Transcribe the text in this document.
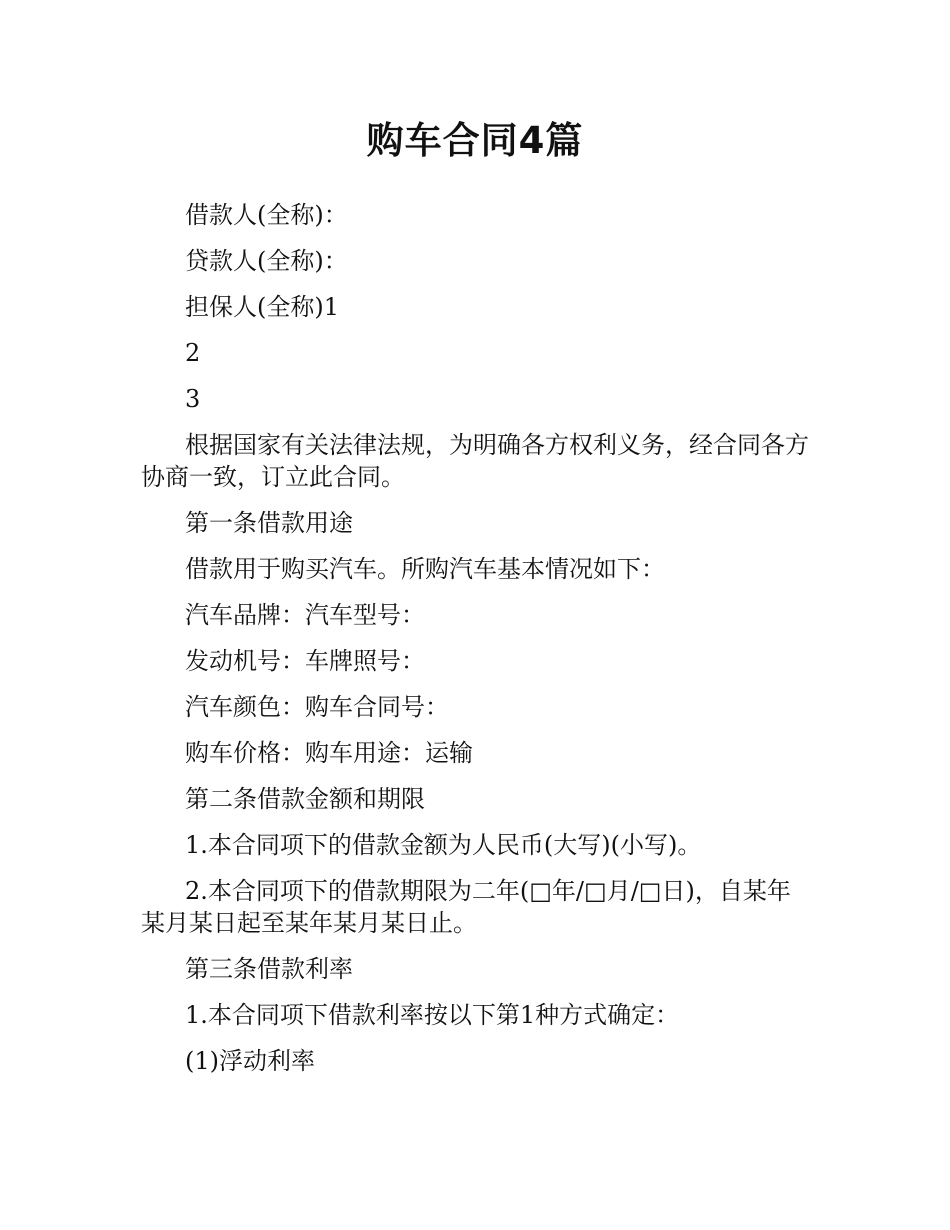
购车合同4篇

借款人(全称)：

贷款人(全称)：

担保人(全称)1

2

3

根据国家有关法律法规，为明确各方权利义务，经合同各方协商一致，订立此合同。

第一条借款用途

借款用于购买汽车。所购汽车基本情况如下：

汽车品牌：汽车型号：

发动机号：车牌照号：

汽车颜色：购车合同号：

购车价格：购车用途：运输

第二条借款金额和期限

1.本合同项下的借款金额为人民币(大写)(小写)。

2.本合同项下的借款期限为二年(□年/□月/□日)，自某年某月某日起至某年某月某日止。

第三条借款利率

1.本合同项下借款利率按以下第1种方式确定：

(1)浮动利率
